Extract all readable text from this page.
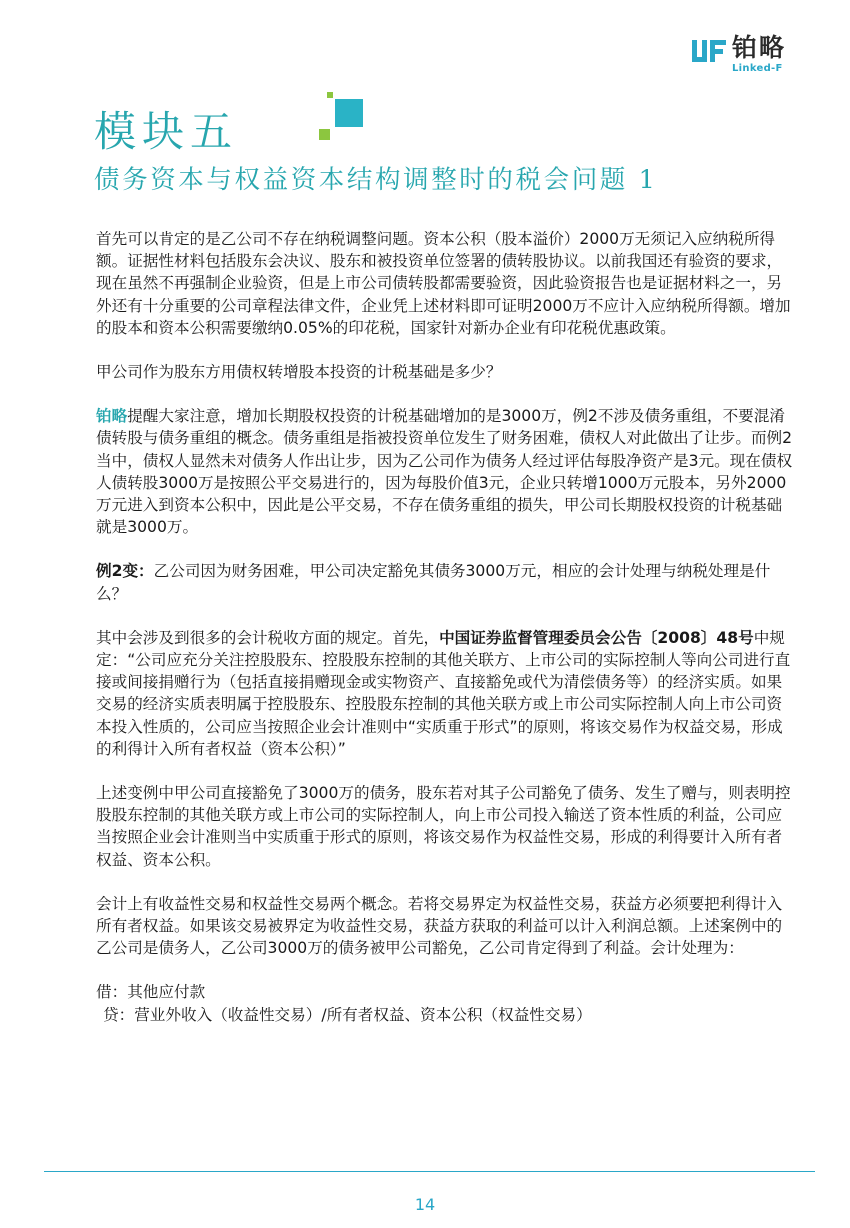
铂略
Linked-F
模块五
债务资本与权益资本结构调整时的税会问题 1

首先可以肯定的是乙公司不存在纳税调整问题。资本公积（股本溢价）2000万无须记入应纳税所得额。证据性材料包括股东会决议、股东和被投资单位签署的债转股协议。以前我国还有验资的要求，现在虽然不再强制企业验资，但是上市公司债转股都需要验资，因此验资报告也是证据材料之一，另外还有十分重要的公司章程法律文件，企业凭上述材料即可证明2000万不应计入应纳税所得额。增加的股本和资本公积需要缴纳0.05%的印花税，国家针对新办企业有印花税优惠政策。

甲公司作为股东方用债权转增股本投资的计税基础是多少？

铂略提醒大家注意，增加长期股权投资的计税基础增加的是3000万，例2不涉及债务重组，不要混淆债转股与债务重组的概念。债务重组是指被投资单位发生了财务困难，债权人对此做出了让步。而例2当中，债权人显然未对债务人作出让步，因为乙公司作为债务人经过评估每股净资产是3元。现在债权人债转股3000万是按照公平交易进行的，因为每股价值3元，企业只转增1000万元股本，另外2000万元进入到资本公积中，因此是公平交易，不存在债务重组的损失，甲公司长期股权投资的计税基础就是3000万。

例2变：乙公司因为财务困难，甲公司决定豁免其债务3000万元，相应的会计处理与纳税处理是什么？

其中会涉及到很多的会计税收方面的规定。首先，中国证券监督管理委员会公告〔2008〕48号中规定：“公司应充分关注控股股东、控股股东控制的其他关联方、上市公司的实际控制人等向公司进行直接或间接捐赠行为（包括直接捐赠现金或实物资产、直接豁免或代为清偿债务等）的经济实质。如果交易的经济实质表明属于控股股东、控股股东控制的其他关联方或上市公司实际控制人向上市公司资本投入性质的，公司应当按照企业会计准则中“实质重于形式”的原则，将该交易作为权益交易，形成的利得计入所有者权益（资本公积）”

上述变例中甲公司直接豁免了3000万的债务，股东若对其子公司豁免了债务、发生了赠与，则表明控股股东控制的其他关联方或上市公司的实际控制人，向上市公司投入输送了资本性质的利益，公司应当按照企业会计准则当中实质重于形式的原则，将该交易作为权益性交易，形成的利得要计入所有者权益、资本公积。

会计上有收益性交易和权益性交易两个概念。若将交易界定为权益性交易，获益方必须要把利得计入所有者权益。如果该交易被界定为收益性交易，获益方获取的利益可以计入利润总额。上述案例中的乙公司是债务人，乙公司3000万的债务被甲公司豁免，乙公司肯定得到了利益。会计处理为：

借：其他应付款
贷：营业外收入（收益性交易）/所有者权益、资本公积（权益性交易）
14
